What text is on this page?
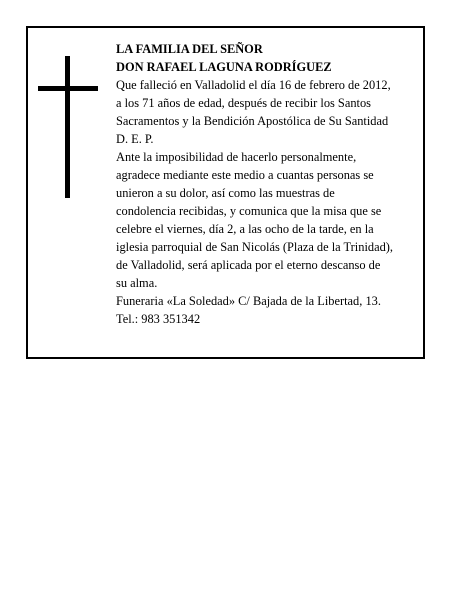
LA FAMILIA DEL SEÑOR
DON RAFAEL LAGUNA RODRÍGUEZ
Que falleció en Valladolid el día 16 de febrero de 2012,
a los 71 años de edad, después de recibir los Santos
Sacramentos y la Bendición Apostólica de Su Santidad
D. E. P.
Ante la imposibilidad de hacerlo personalmente,
agradece mediante este medio a cuantas personas se
unieron a su dolor, así como las muestras de
condolencia recibidas, y comunica que la misa que se
celebre el viernes, día 2, a las ocho de la tarde, en la
iglesia parroquial de San Nicolás (Plaza de la Trinidad),
de Valladolid, será aplicada por el eterno descanso de
su alma.
Funeraria «La Soledad» C/ Bajada de la Libertad, 13.
Tel.: 983 351342
